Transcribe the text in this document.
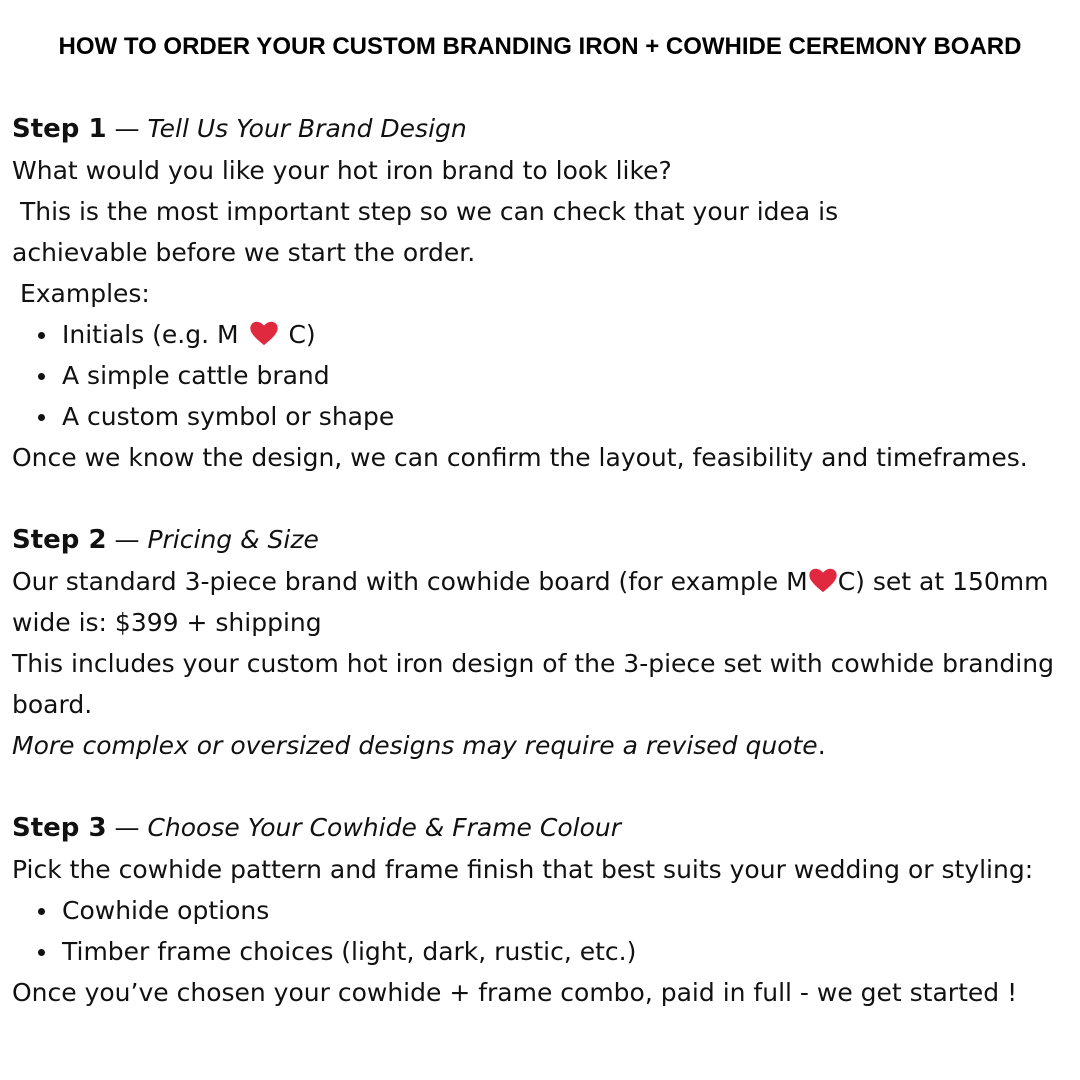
HOW TO ORDER YOUR CUSTOM BRANDING IRON + COWHIDE CEREMONY BOARD
Step 1 — Tell Us Your Brand Design
What would you like your hot iron brand to look like?
This is the most important step so we can check that your idea is
achievable before we start the order.
Examples:
Initials (e.g. M
C)
A simple cattle brand
A custom symbol or shape
Once we know the design, we can confirm the layout, feasibility and timeframes.
Step 2 — Pricing & Size
Our standard 3-piece brand with cowhide board (for example M C) set at 150mm wide is: $399 + shipping
This includes your custom hot iron design of the 3-piece set with cowhide branding board.
More complex or oversized designs may require a revised quote.
Step 3 — Choose Your Cowhide & Frame Colour
Pick the cowhide pattern and frame finish that best suits your wedding or styling:
Cowhide options
Timber frame choices (light, dark, rustic, etc.)
Once you’ve chosen your cowhide + frame combo, paid in full - we get started !
